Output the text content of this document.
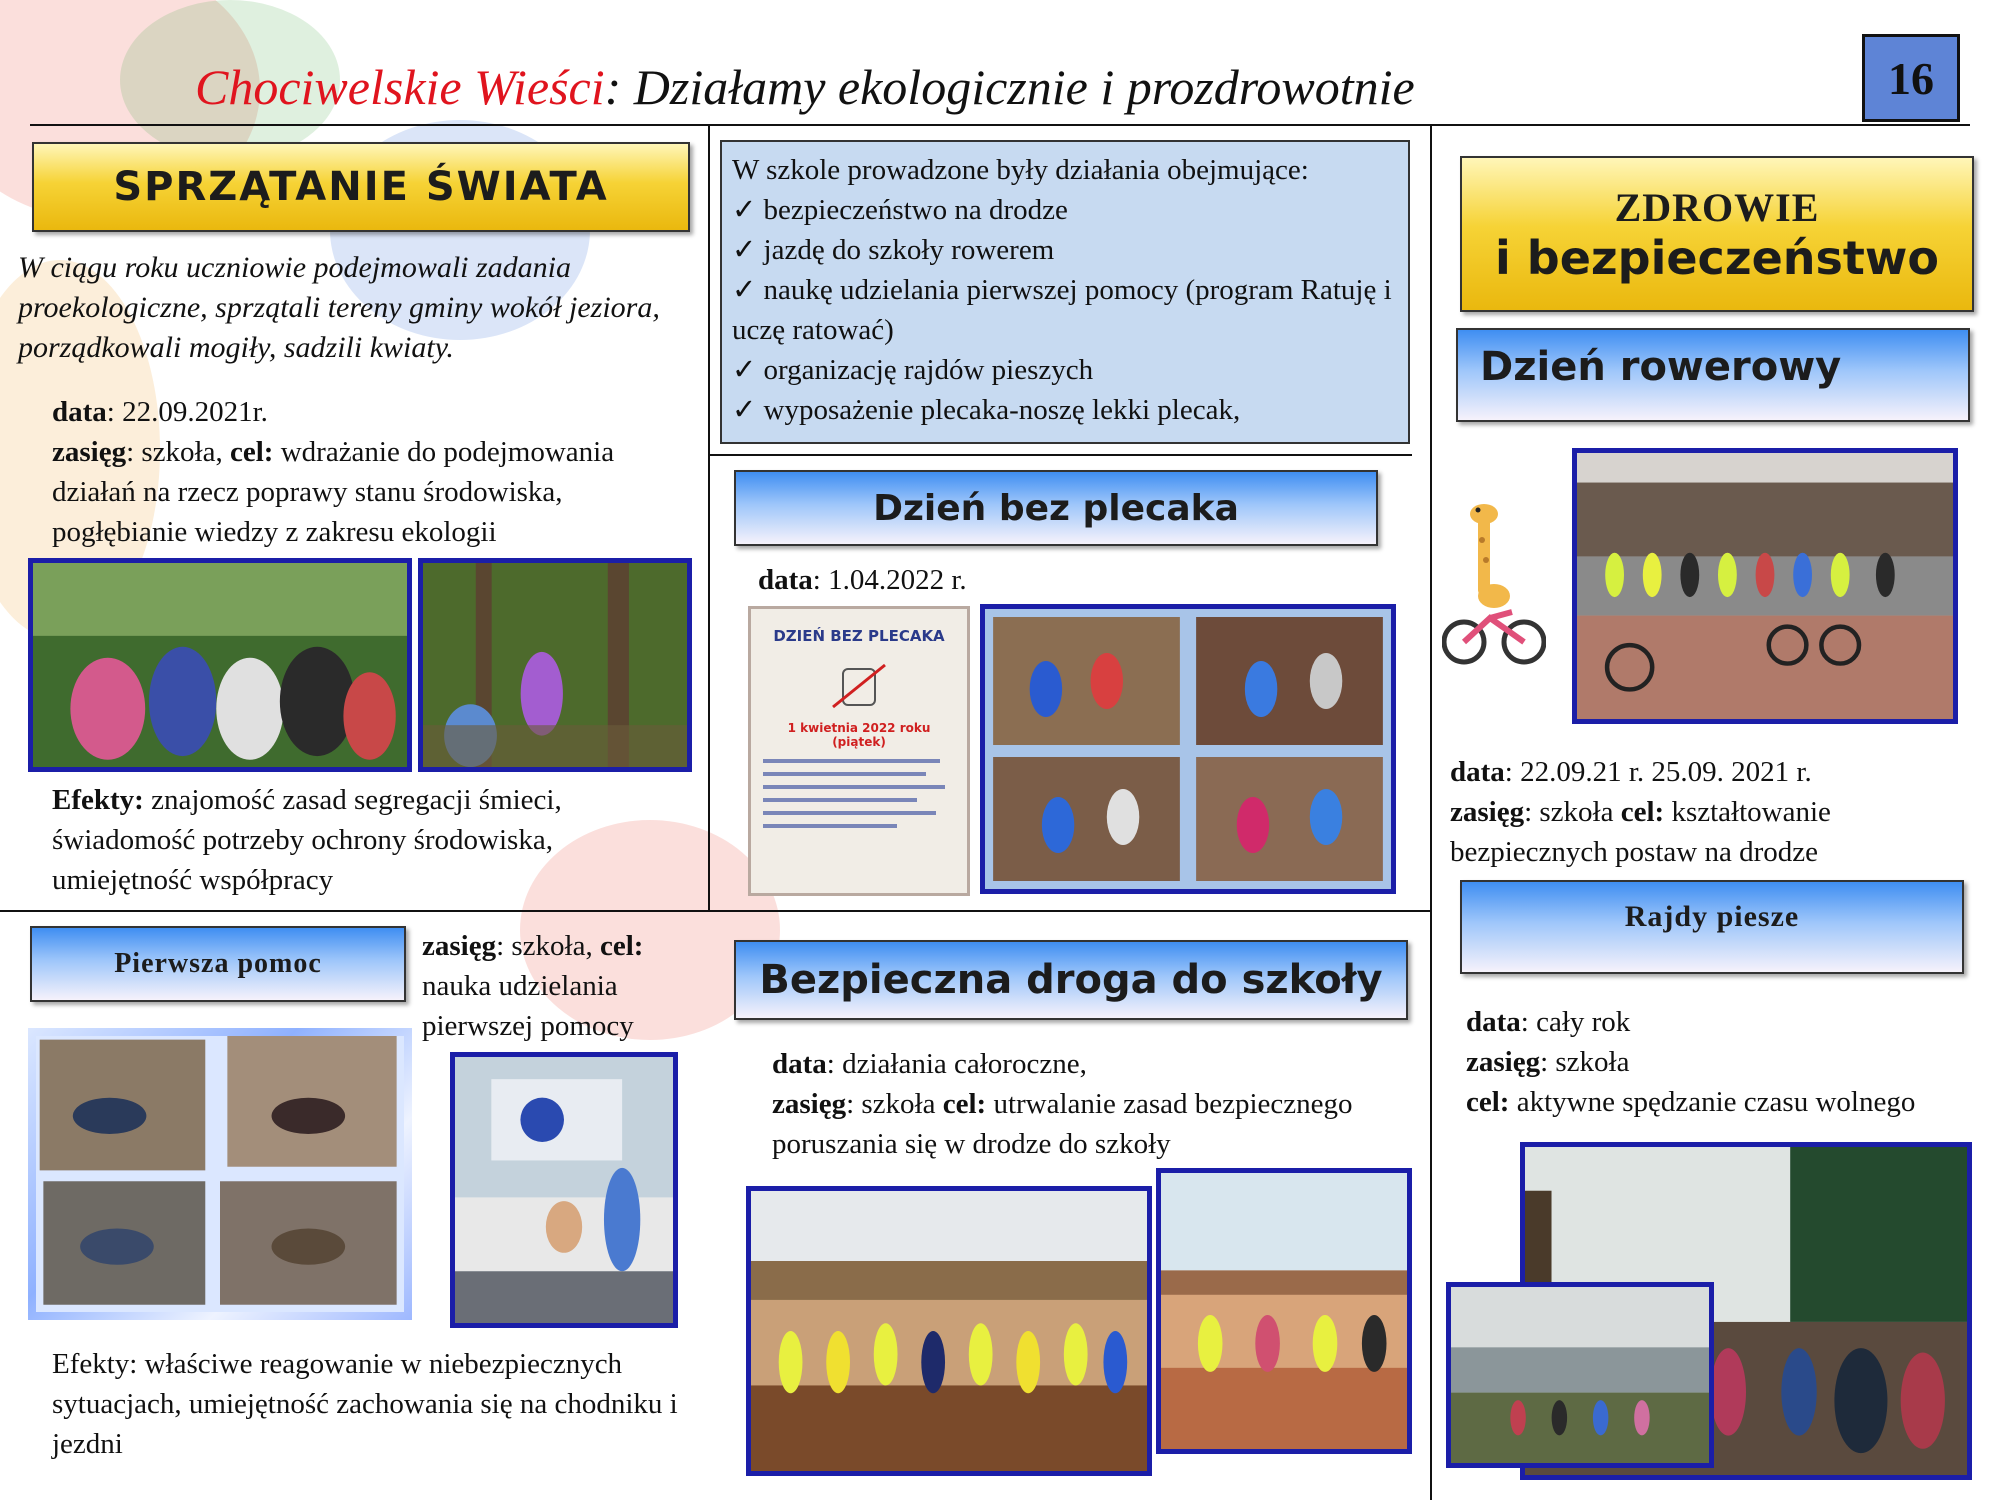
Chociwelskie Wieści: Działamy ekologicznie i prozdrowotnie	16
SPRZĄTANIE ŚWIATA
W ciągu roku uczniowie podejmowali zadania proekologiczne, sprzątali tereny gminy wokół jeziora, porządkowali mogiły, sadzili kwiaty.
data: 22.09.2021r.
zasięg: szkoła, cel: wdrażanie do podejmowania działań na rzecz poprawy stanu środowiska, pogłębianie wiedzy z zakresu ekologii
Efekty: znajomość zasad segregacji śmieci, świadomość potrzeby ochrony środowiska, umiejętność współpracy
W szkole prowadzone były działania obejmujące:
✓ bezpieczeństwo na drodze
✓ jazdę do szkoły rowerem
✓ naukę udzielania pierwszej pomocy (program Ratuję i uczę ratować)
✓ organizację rajdów pieszych
✓ wyposażenie plecaka-noszę lekki plecak,
Dzień bez plecaka
data: 1.04.2022 r.
DZIEŃ BEZ PLECAKA
1 kwietnia 2022 roku (piątek)
ZDROWIE
i bezpieczeństwo
Dzień rowerowy
data: 22.09.21 r. 25.09. 2021 r.
zasięg: szkoła cel: kształtowanie bezpiecznych postaw na drodze
Rajdy piesze
data: cały rok
zasięg: szkoła
cel: aktywne spędzanie czasu wolnego
Pierwsza pomoc
zasięg: szkoła, cel: nauka udzielania pierwszej pomocy
Efekty: właściwe reagowanie w niebezpiecznych sytuacjach, umiejętność zachowania się na chodniku i jezdni
Bezpieczna droga do szkoły
data: działania całoroczne,
zasięg: szkoła cel: utrwalanie zasad bezpiecznego poruszania się w drodze do szkoły
